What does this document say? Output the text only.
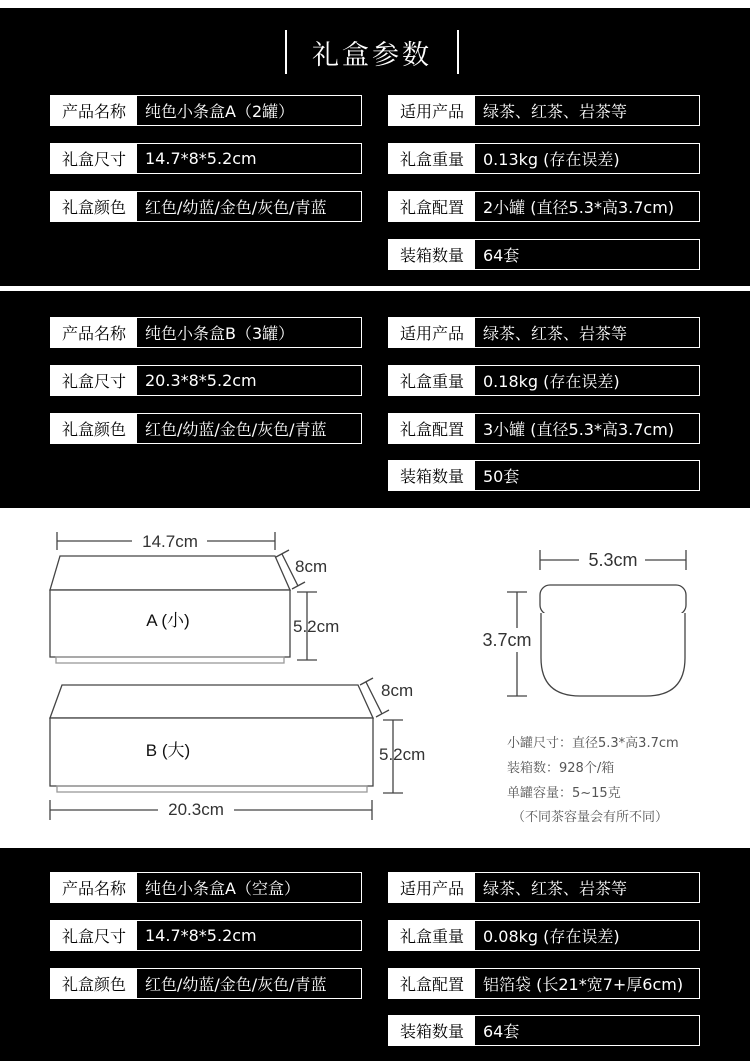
礼盒参数
产品名称	纯色小条盒A（2罐）
礼盒尺寸	14.7*8*5.2cm
礼盒颜色	红色/幼蓝/金色/灰色/青蓝
适用产品	绿茶、红茶、岩茶等
礼盒重量	0.13kg (存在误差)
礼盒配置	2小罐 (直径5.3*高3.7cm)
装箱数量	64套
产品名称	纯色小条盒B（3罐）
礼盒尺寸	20.3*8*5.2cm
礼盒颜色	红色/幼蓝/金色/灰色/青蓝
适用产品	绿茶、红茶、岩茶等
礼盒重量	0.18kg (存在误差)
礼盒配置	3小罐 (直径5.3*高3.7cm)
装箱数量	50套
14.7cm
8cm
5.2cm
A (小)
8cm
5.2cm
B (大)
20.3cm
5.3cm
3.7cm
小罐尺寸：直径5.3*高3.7cm
装箱数：928个/箱
单罐容量：5~15克
（不同茶容量会有所不同）
产品名称	纯色小条盒A（空盒）
礼盒尺寸	14.7*8*5.2cm
礼盒颜色	红色/幼蓝/金色/灰色/青蓝
适用产品	绿茶、红茶、岩茶等
礼盒重量	0.08kg (存在误差)
礼盒配置	铝箔袋 (长21*宽7+厚6cm)
装箱数量	64套
